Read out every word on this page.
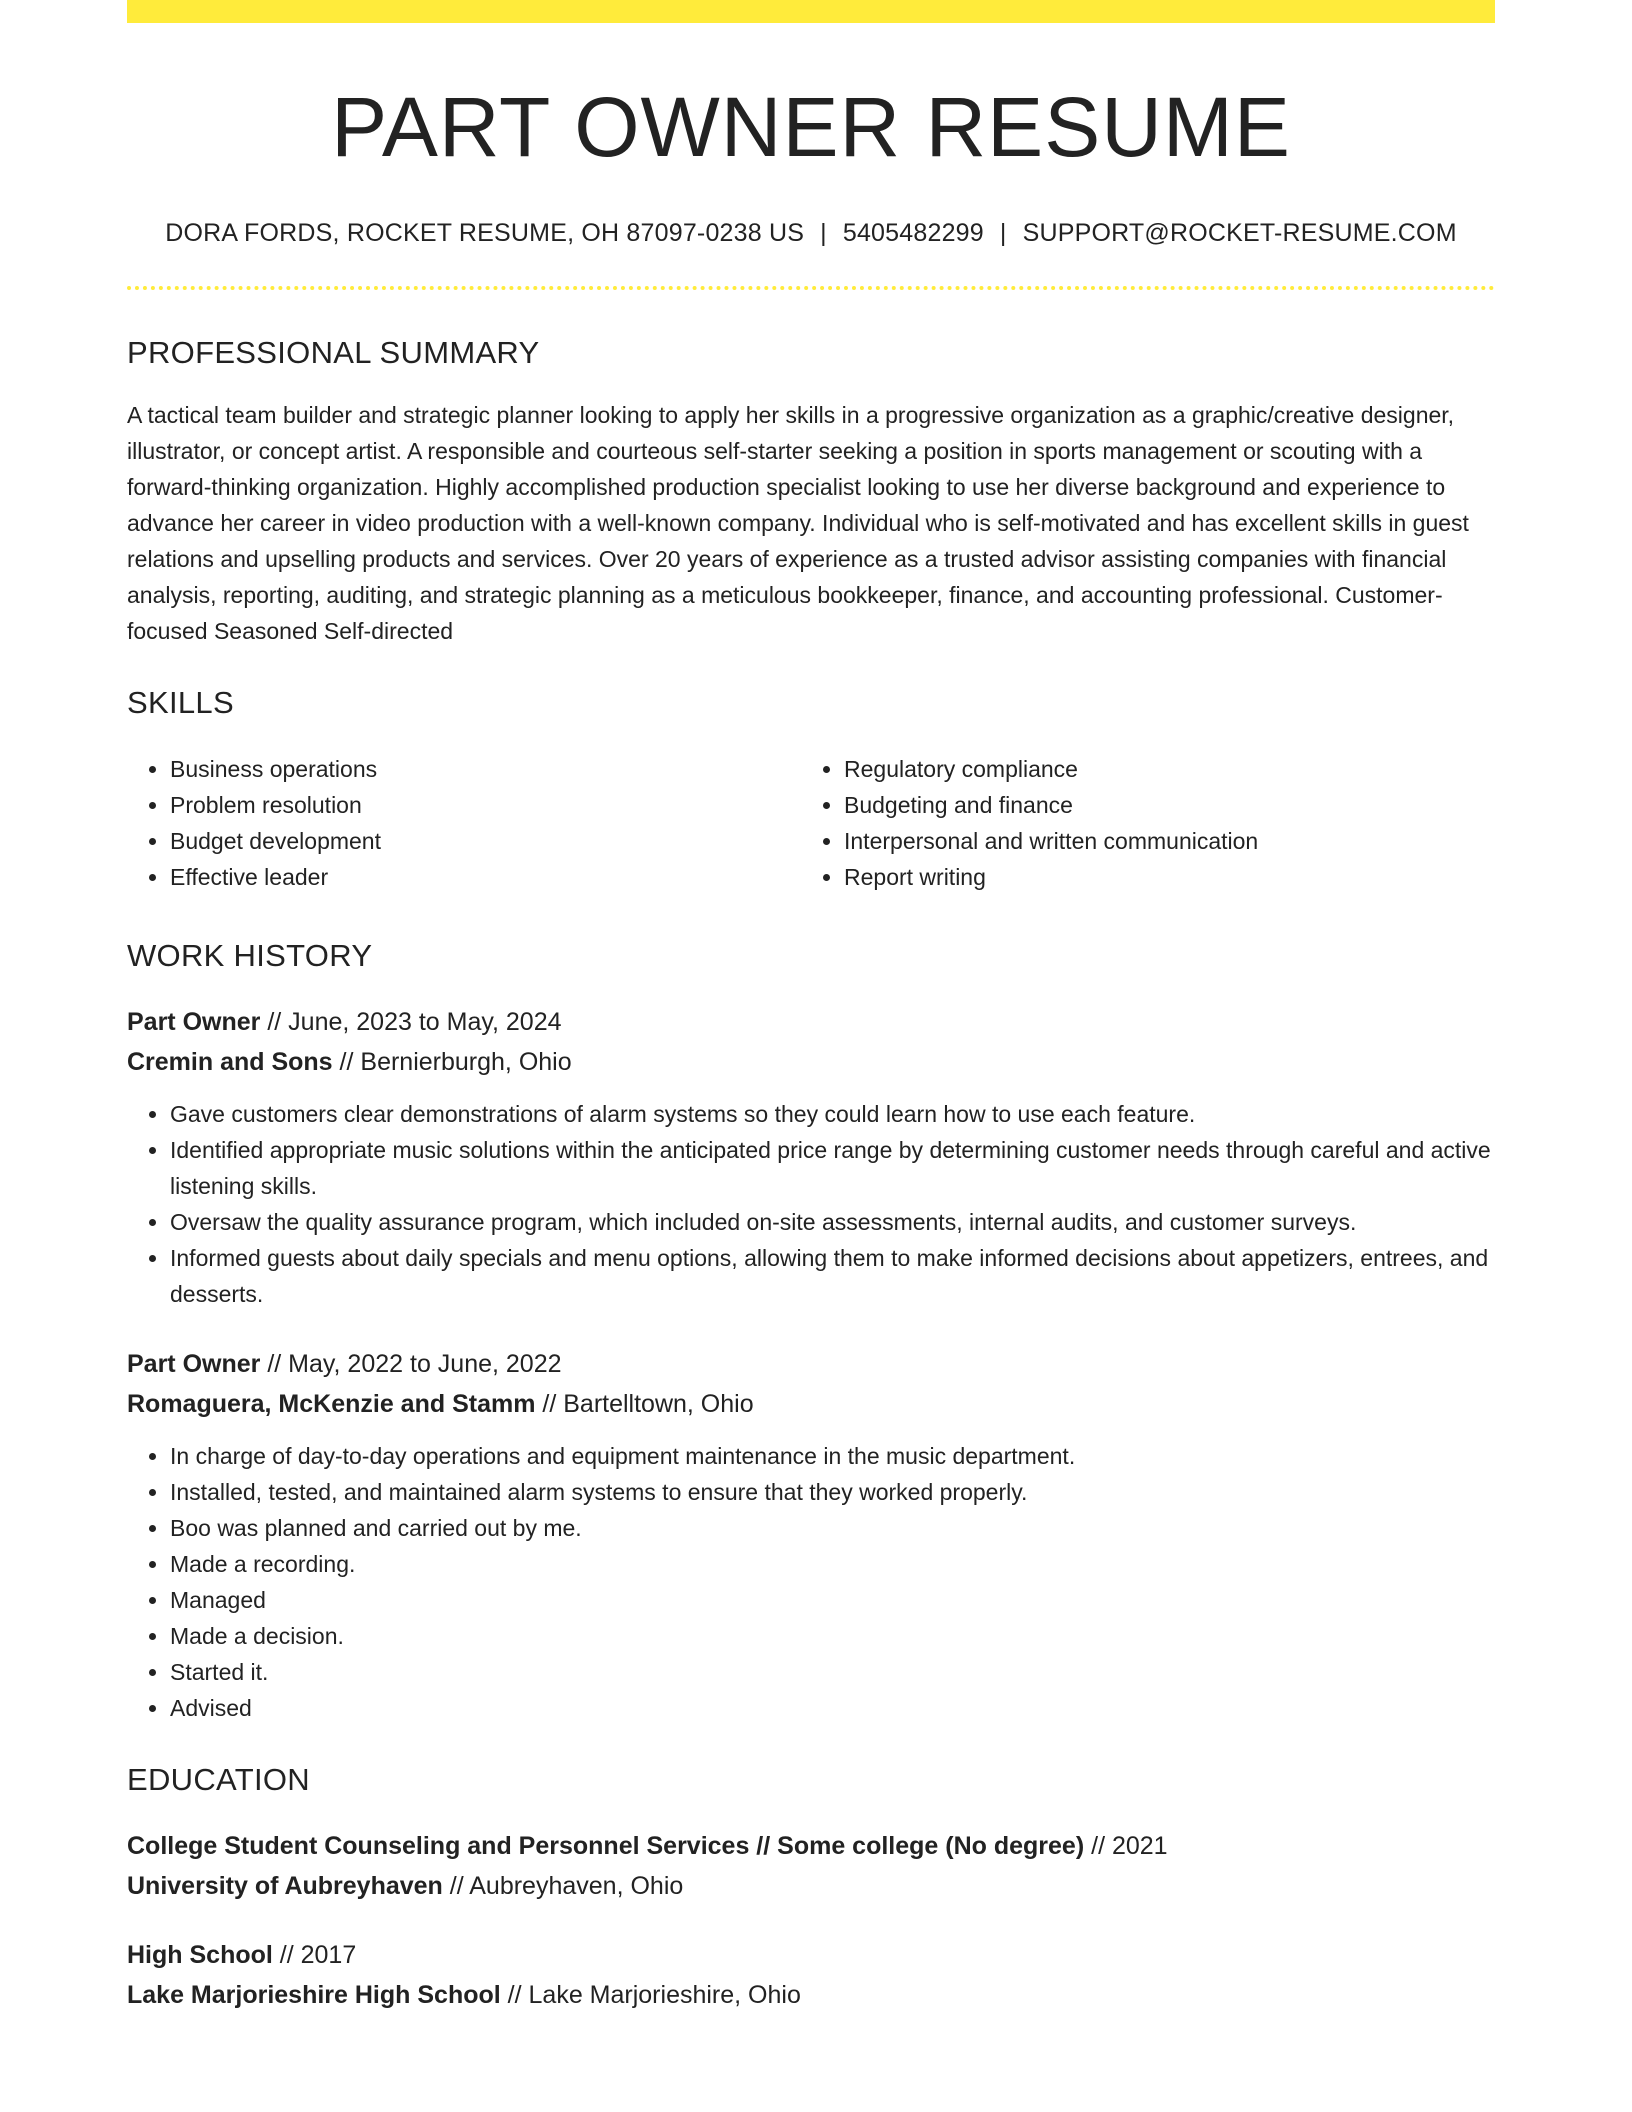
PART OWNER RESUME
DORA FORDS, ROCKET RESUME, OH 87097-0238 US | 5405482299 | SUPPORT@ROCKET-RESUME.COM
PROFESSIONAL SUMMARY
A tactical team builder and strategic planner looking to apply her skills in a progressive organization as a graphic/creative designer, illustrator, or concept artist. A responsible and courteous self-starter seeking a position in sports management or scouting with a forward-thinking organization. Highly accomplished production specialist looking to use her diverse background and experience to advance her career in video production with a well-known company. Individual who is self-motivated and has excellent skills in guest relations and upselling products and services. Over 20 years of experience as a trusted advisor assisting companies with financial analysis, reporting, auditing, and strategic planning as a meticulous bookkeeper, finance, and accounting professional. Customer-focused Seasoned Self-directed
SKILLS
• Business operations
• Problem resolution
• Budget development
• Effective leader
• Regulatory compliance
• Budgeting and finance
• Interpersonal and written communication
• Report writing
WORK HISTORY
Part Owner // June, 2023 to May, 2024
Cremin and Sons // Bernierburgh, Ohio
• Gave customers clear demonstrations of alarm systems so they could learn how to use each feature.
• Identified appropriate music solutions within the anticipated price range by determining customer needs through careful and active listening skills.
• Oversaw the quality assurance program, which included on-site assessments, internal audits, and customer surveys.
• Informed guests about daily specials and menu options, allowing them to make informed decisions about appetizers, entrees, and desserts.
Part Owner // May, 2022 to June, 2022
Romaguera, McKenzie and Stamm // Bartelltown, Ohio
• In charge of day-to-day operations and equipment maintenance in the music department.
• Installed, tested, and maintained alarm systems to ensure that they worked properly.
• Boo was planned and carried out by me.
• Made a recording.
• Managed
• Made a decision.
• Started it.
• Advised
EDUCATION
College Student Counseling and Personnel Services // Some college (No degree) // 2021
University of Aubreyhaven // Aubreyhaven, Ohio
High School // 2017
Lake Marjorieshire High School // Lake Marjorieshire, Ohio
